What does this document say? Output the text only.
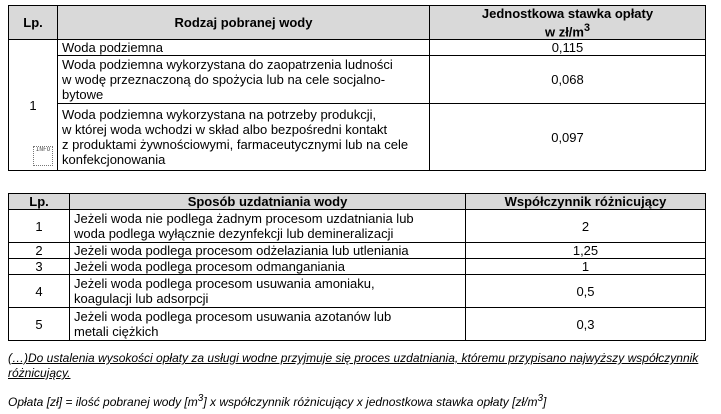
Lp.	Rodzaj pobranej wody	Jednostkowa stawka opłaty
w $zł/m^3$
1	Woda podziemna	0,115
	Woda podziemna wykorzystana do zaopatrzenia ludności
w wodę przeznaczoną do spożycia lub na cele socjalno-
bytowe	0,068
	Woda podziemna wykorzystana na potrzeby produkcji,
w której woda wchodzi w skład albo bezpośredni kontakt
z produktami żywnościowymi, farmaceutycznymi lub na cele
konfekcjonowania	0,097
INFO
Lp.	Sposób uzdatniania wody	Współczynnik różnicujący
1	Jeżeli woda nie podlega żadnym procesom uzdatniania lub
woda podlega wyłącznie dezynfekcji lub demineralizacji	2
2	Jeżeli woda podlega procesom odżelaziania lub utleniania	1,25
3	Jeżeli woda podlega procesom odmanganiania	1
4	Jeżeli woda podlega procesom usuwania amoniaku,
koagulacji lub adsorpcji	0,5
5	Jeżeli woda podlega procesom usuwania azotanów lub
metali ciężkich	0,3
(…)Do ustalenia wysokości opłaty za usługi wodne przyjmuje się proces uzdatniania, któremu przypisano najwyższy współczynnik różnicujący.
Opłata [zł] = ilość pobranej wody $[m^3]$ x współczynnik różnicujący x jednostkowa stawka opłaty $[zł/m^3]$
